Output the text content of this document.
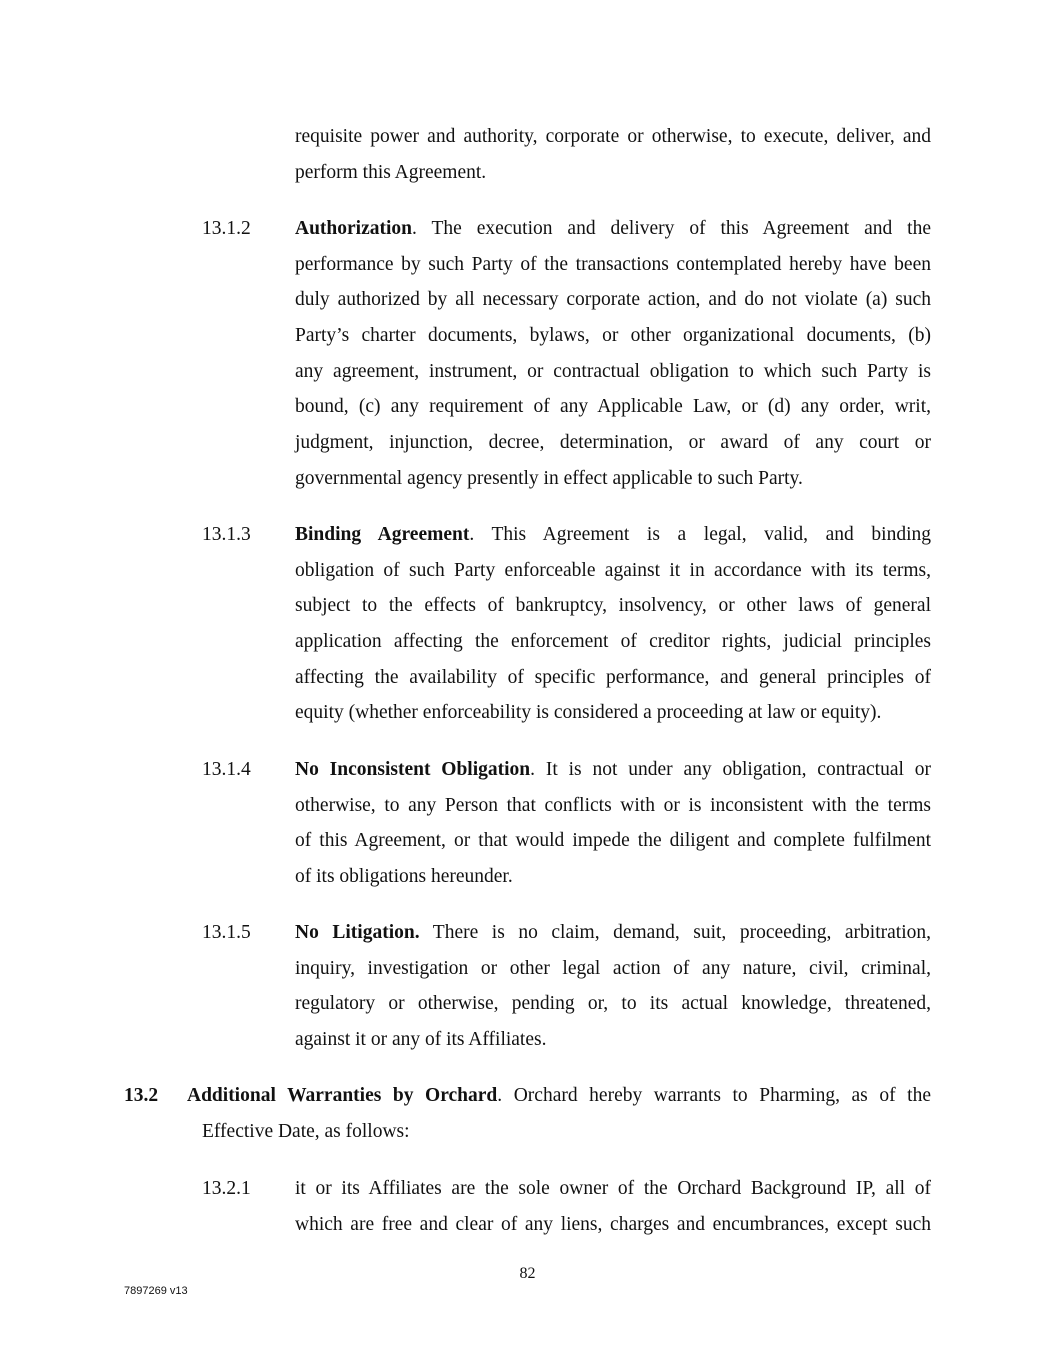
requisite power and authority, corporate or otherwise, to execute, deliver, and
perform this Agreement.
13.1.2 Authorization. The execution and delivery of this Agreement and the
performance by such Party of the transactions contemplated hereby have been
duly authorized by all necessary corporate action, and do not violate (a) such
Party’s charter documents, bylaws, or other organizational documents, (b)
any agreement, instrument, or contractual obligation to which such Party is
bound, (c) any requirement of any Applicable Law, or (d) any order, writ,
judgment, injunction, decree, determination, or award of any court or
governmental agency presently in effect applicable to such Party.
13.1.3 Binding Agreement. This Agreement is a legal, valid, and binding
obligation of such Party enforceable against it in accordance with its terms,
subject to the effects of bankruptcy, insolvency, or other laws of general
application affecting the enforcement of creditor rights, judicial principles
affecting the availability of specific performance, and general principles of
equity (whether enforceability is considered a proceeding at law or equity).
13.1.4 No Inconsistent Obligation. It is not under any obligation, contractual or
otherwise, to any Person that conflicts with or is inconsistent with the terms
of this Agreement, or that would impede the diligent and complete fulfilment
of its obligations hereunder.
13.1.5 No Litigation. There is no claim, demand, suit, proceeding, arbitration,
inquiry, investigation or other legal action of any nature, civil, criminal,
regulatory or otherwise, pending or, to its actual knowledge, threatened,
against it or any of its Affiliates.
13.2 Additional Warranties by Orchard. Orchard hereby warrants to Pharming, as of the
Effective Date, as follows:
13.2.1 it or its Affiliates are the sole owner of the Orchard Background IP, all of
which are free and clear of any liens, charges and encumbrances, except such
82
7897269 v13
